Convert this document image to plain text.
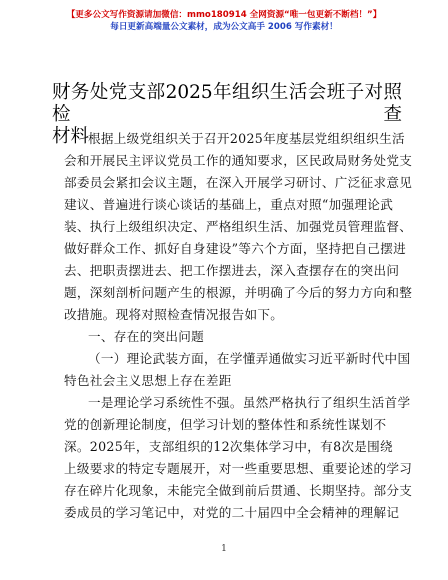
【更多公文写作资源请加微信：mmo180914 全网资源“唯一包更新不断档！”】
每日更新高端量公文素材，成为公文高手 2006 写作素材！
财务处党支部2025年组织生活会班子对照检查
材料
根据上级党组织关于召开2025年度基层党组织组织生活
会和开展民主评议党员工作的通知要求，区民政局财务处党支
部委员会紧扣会议主题，在深入开展学习研讨、广泛征求意见
建议、普遍进行谈心谈话的基础上，重点对照“加强理论武
装、执行上级组织决定、严格组织生活、加强党员管理监督、
做好群众工作、抓好自身建设”等六个方面，坚持把自己摆进
去、把职责摆进去、把工作摆进去，深入查摆存在的突出问
题，深刻剖析问题产生的根源，并明确了今后的努力方向和整
改措施。现将对照检查情况报告如下。
一、存在的突出问题
（一）理论武装方面，在学懂弄通做实习近平新时代中国
特色社会主义思想上存在差距
一是理论学习系统性不强。虽然严格执行了组织生活首学
党的创新理论制度，但学习计划的整体性和系统性谋划不
深。2025年，支部组织的12次集体学习中，有8次是围绕
上级要求的特定专题展开，对一些重要思想、重要论述的学习
存在碎片化现象，未能完全做到前后贯通、长期坚持。部分支
委成员的学习笔记中，对党的二十届四中全会精神的理解记
1
